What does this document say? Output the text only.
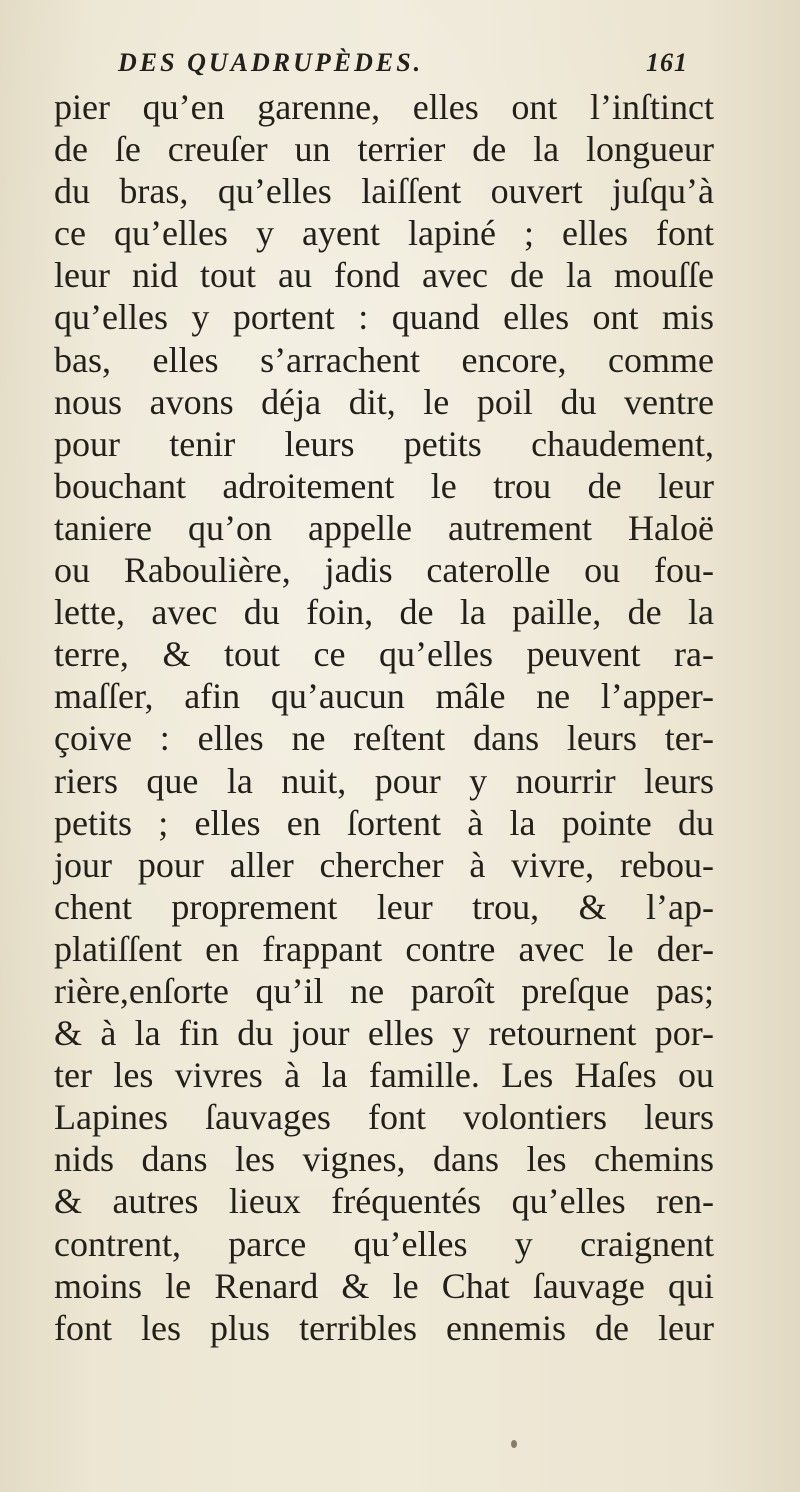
DES QUADRUPÈDES.	161
pier qu’en garenne, elles ont l’inſtinct
de ſe creuſer un terrier de la longueur
du bras, qu’elles laiſſent ouvert juſqu’à
ce qu’elles y ayent lapiné ; elles font
leur nid tout au fond avec de la mouſſe
qu’elles y portent : quand elles ont mis
bas, elles s’arrachent encore, comme
nous avons déja dit, le poil du ventre
pour tenir leurs petits chaudement,
bouchant adroitement le trou de leur
taniere qu’on appelle autrement Haloë
ou Raboulière, jadis caterolle ou fou-
lette, avec du foin, de la paille, de la
terre, & tout ce qu’elles peuvent ra-
maſſer, afin qu’aucun mâle ne l’apper-
çoive : elles ne reſtent dans leurs ter-
riers que la nuit, pour y nourrir leurs
petits ; elles en ſortent à la pointe du
jour pour aller chercher à vivre, rebou-
chent proprement leur trou, & l’ap-
platiſſent en frappant contre avec le der-
rière,enſorte qu’il ne paroît preſque pas;
& à la fin du jour elles y retournent por-
ter les vivres à la famille. Les Haſes ou
Lapines ſauvages font volontiers leurs
nids dans les vignes, dans les chemins
& autres lieux fréquentés qu’elles ren-
contrent, parce qu’elles y craignent
moins le Renard & le Chat ſauvage qui
font les plus terribles ennemis de leur
